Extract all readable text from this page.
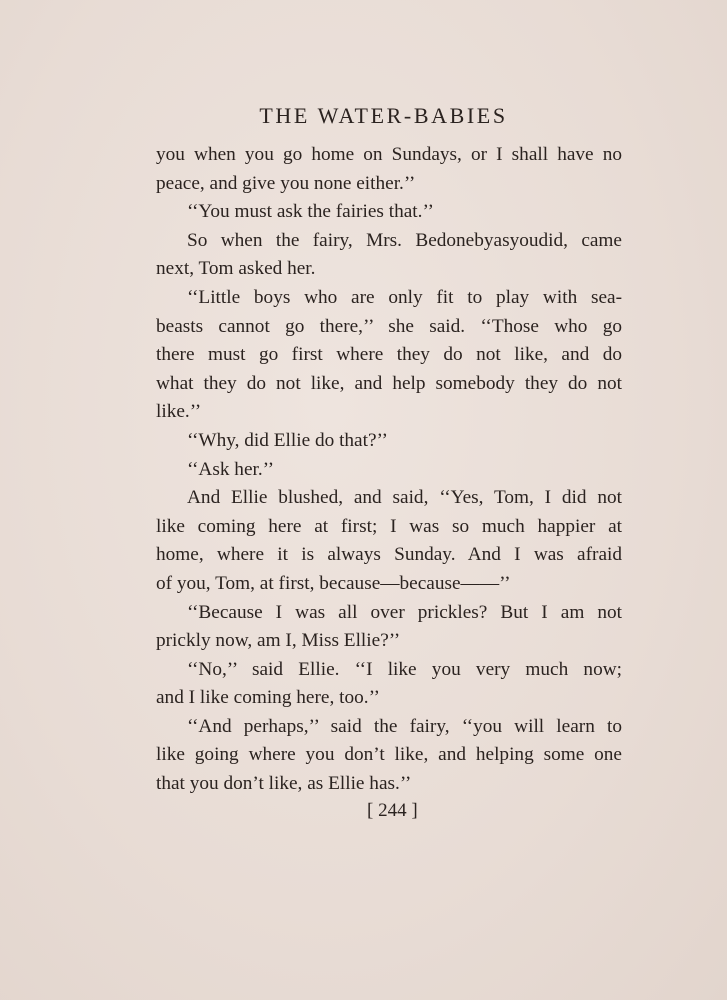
THE WATER-BABIES
you when you go home on Sundays, or I shall have no
peace, and give you none either.’’
‘‘You must ask the fairies that.’’
So when the fairy, Mrs. Bedonebyasyoudid, came
next, Tom asked her.
‘‘Little boys who are only fit to play with sea-
beasts cannot go there,’’ she said. ‘‘Those who go
there must go first where they do not like, and do
what they do not like, and help somebody they do not
like.’’
‘‘Why, did Ellie do that?’’
‘‘Ask her.’’
And Ellie blushed, and said, ‘‘Yes, Tom, I did not
like coming here at first; I was so much happier at
home, where it is always Sunday. And I was afraid
of you, Tom, at first, because—because——’’
‘‘Because I was all over prickles? But I am not
prickly now, am I, Miss Ellie?’’
‘‘No,’’ said Ellie. ‘‘I like you very much now;
and I like coming here, too.’’
‘‘And perhaps,’’ said the fairy, ‘‘you will learn to
like going where you don’t like, and helping some one
that you don’t like, as Ellie has.’’
[ 244 ]
